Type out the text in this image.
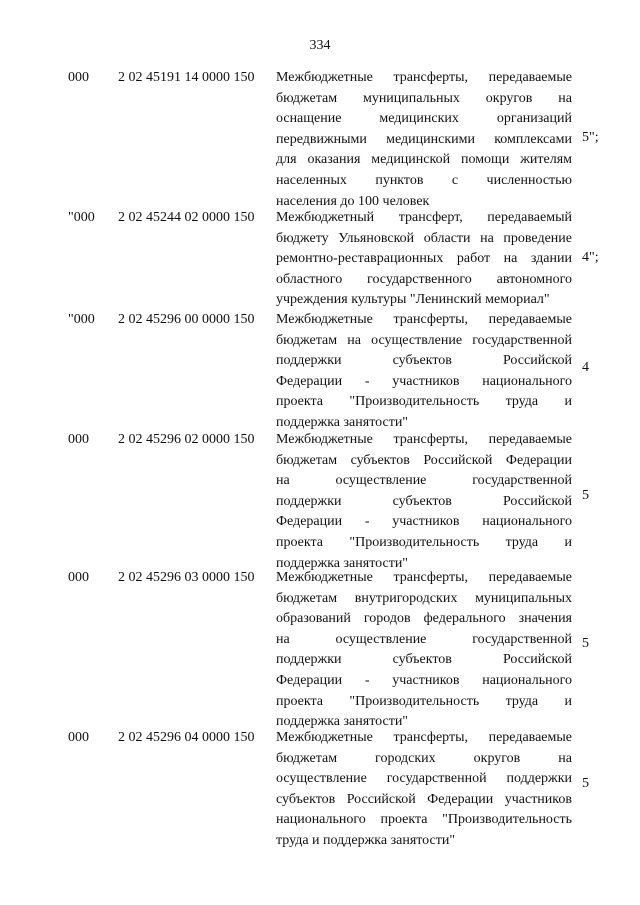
334
000 2 02 45191 14 0000 150 Межбюджетные трансферты, передаваемые
бюджетам муниципальных округов на
оснащение медицинских организаций
передвижными медицинскими комплексами
для оказания медицинской помощи жителям
населенных пунктов с численностью
населения до 100 человек
5";
"000 2 02 45244 02 0000 150 Межбюджетный трансферт, передаваемый
бюджету Ульяновской области на проведение
ремонтно-реставрационных работ на здании
областного государственного автономного
учреждения культуры "Ленинский мемориал"
4";
"000 2 02 45296 00 0000 150 Межбюджетные трансферты, передаваемые
бюджетам на осуществление государственной
поддержки субъектов Российской
Федерации - участников национального
проекта "Производительность труда и
поддержка занятости"
4
000 2 02 45296 02 0000 150 Межбюджетные трансферты, передаваемые
бюджетам субъектов Российской Федерации
на осуществление государственной
поддержки субъектов Российской
Федерации - участников национального
проекта "Производительность труда и
поддержка занятости"
5
000 2 02 45296 03 0000 150 Межбюджетные трансферты, передаваемые
бюджетам внутригородских муниципальных
образований городов федерального значения
на осуществление государственной
поддержки субъектов Российской
Федерации - участников национального
проекта "Производительность труда и
поддержка занятости"
5
000 2 02 45296 04 0000 150 Межбюджетные трансферты, передаваемые
бюджетам городских округов на
осуществление государственной поддержки
субъектов Российской Федерации участников
национального проекта "Производительность
труда и поддержка занятости"
5
